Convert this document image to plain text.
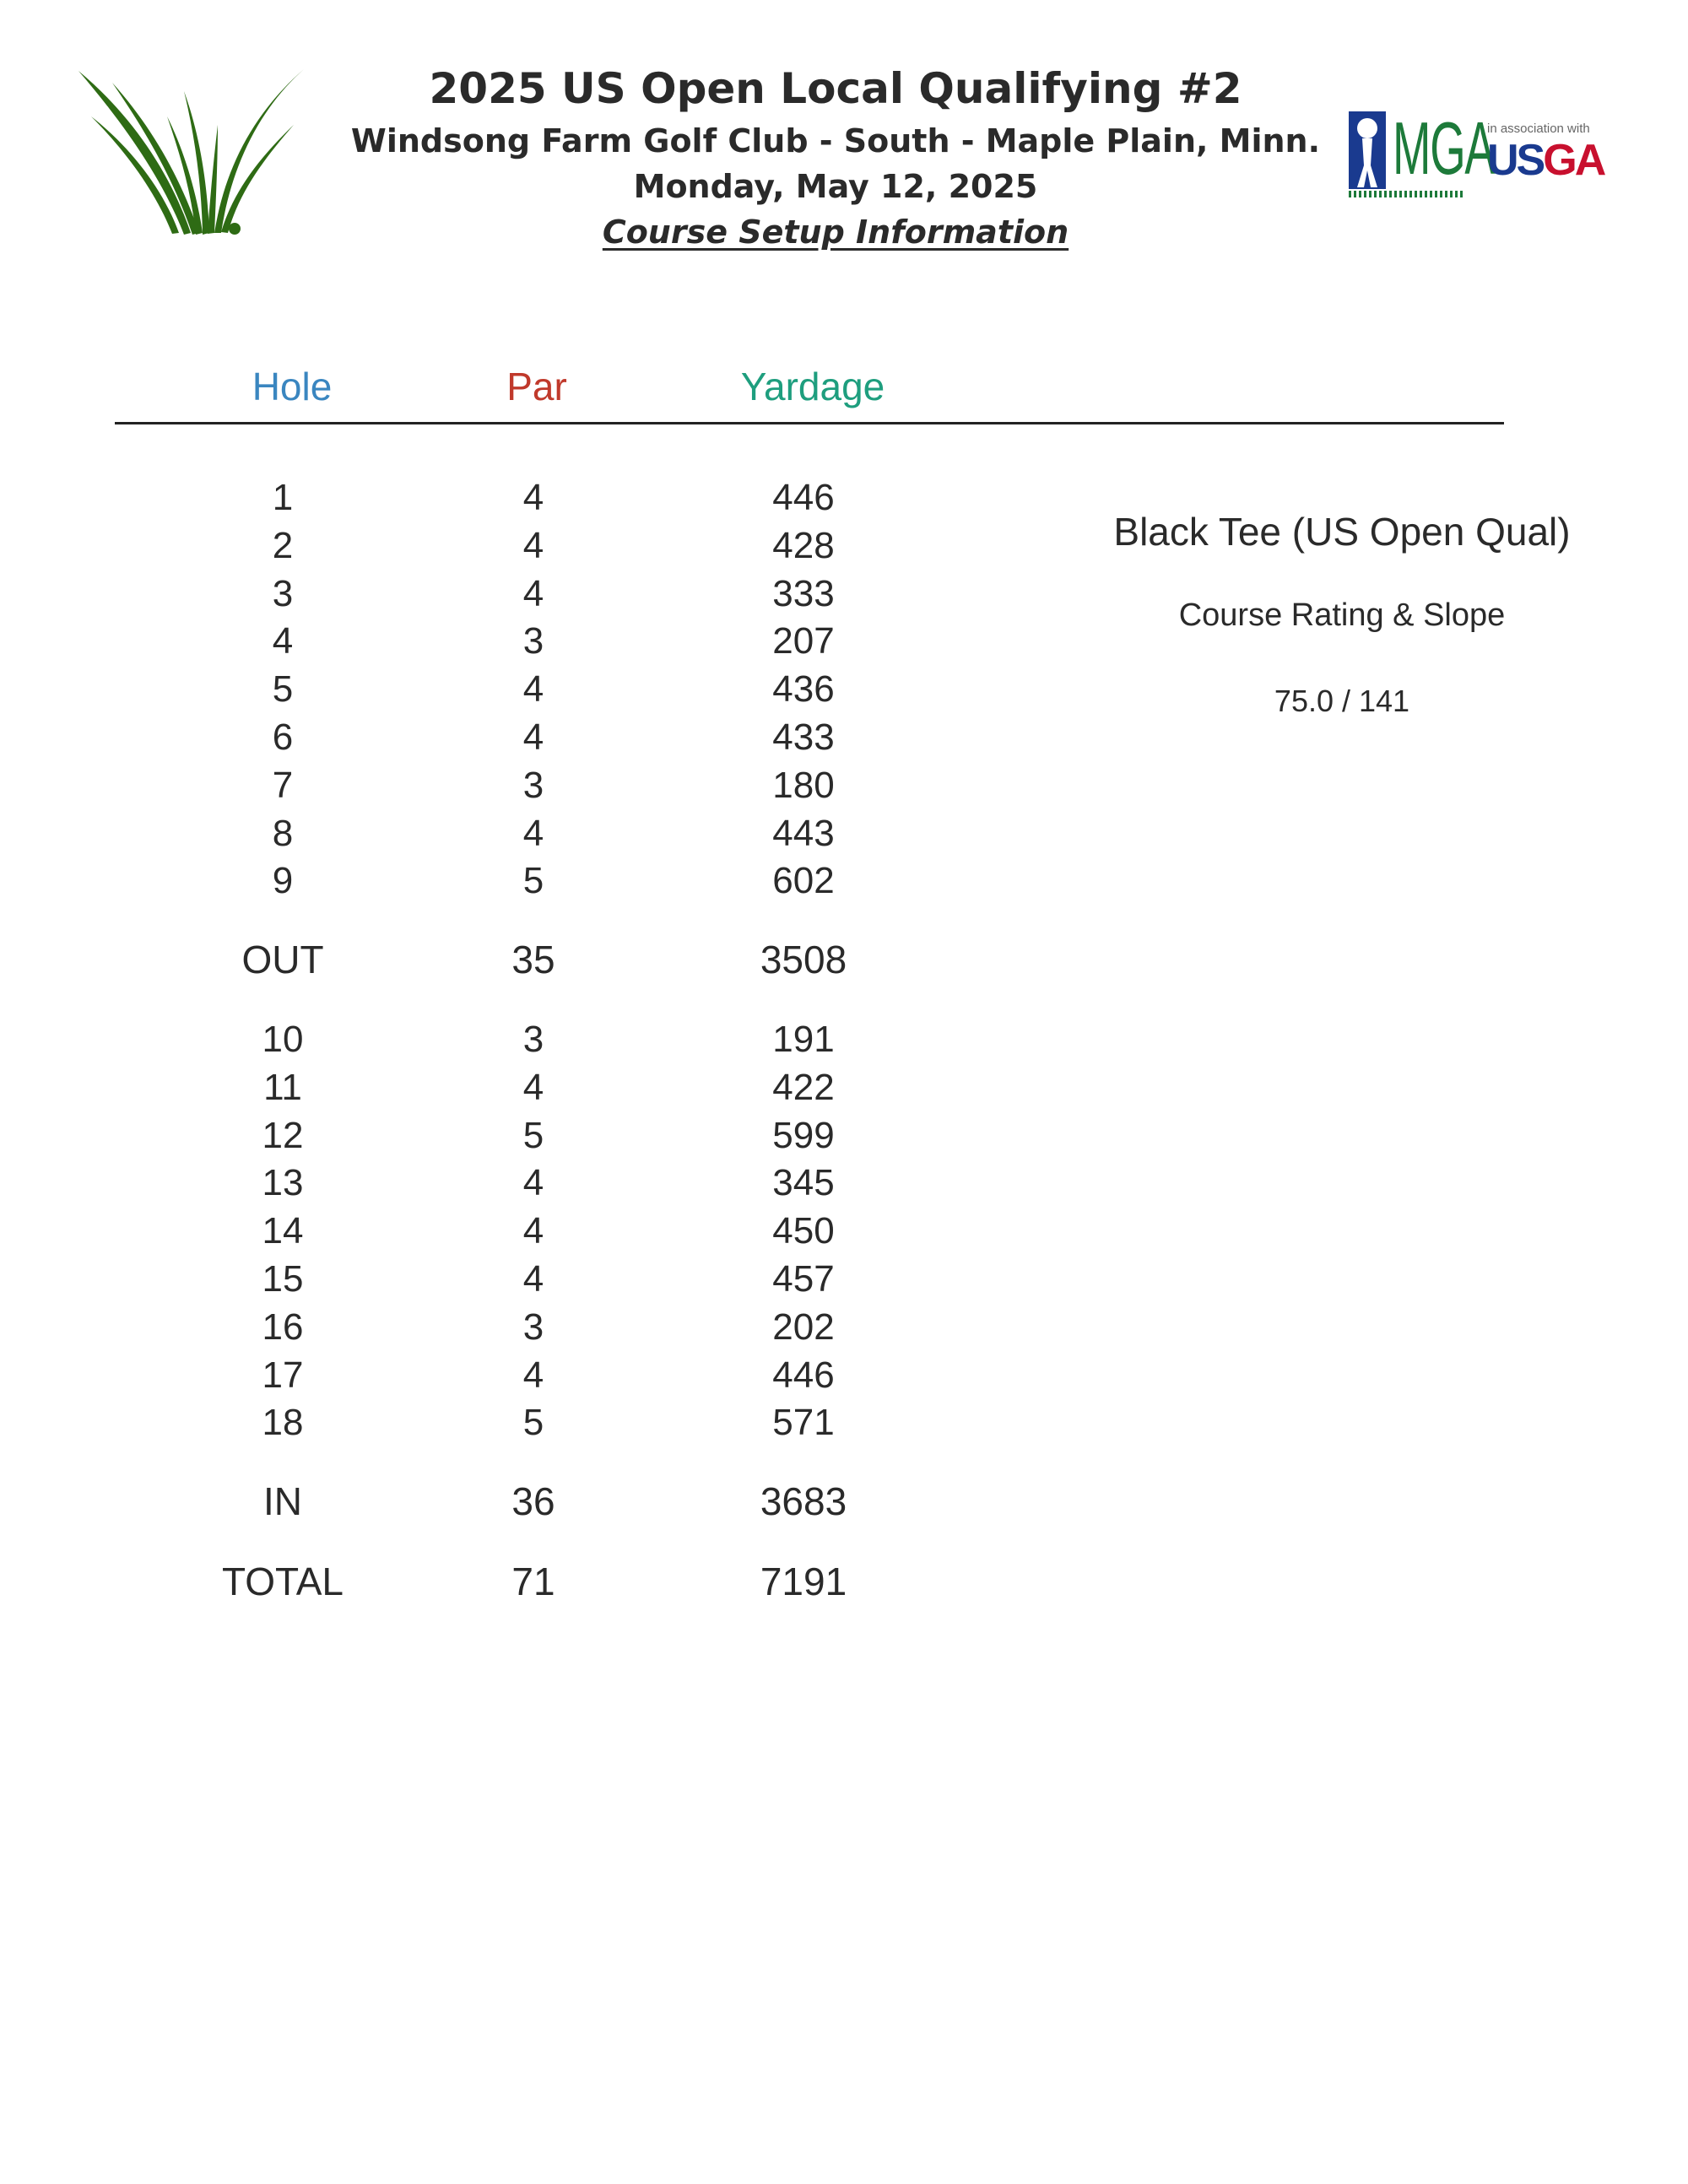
2025 US Open Local Qualifying #2
Windsong Farm Golf Club - South - Maple Plain, Minn.
Monday, May 12, 2025
Course Setup Information
MGA
in association with
USGA
Hole	Par	Yardage
1	4	446
2	4	428
3	4	333
4	3	207
5	4	436
6	4	433
7	3	180
8	4	443
9	5	602
OUT	35	3508
10	3	191
11	4	422
12	5	599
13	4	345
14	4	450
15	4	457
16	3	202
17	4	446
18	5	571
IN	36	3683
TOTAL	71	7191
Black Tee (US Open Qual)
Course Rating & Slope
75.0 / 141
